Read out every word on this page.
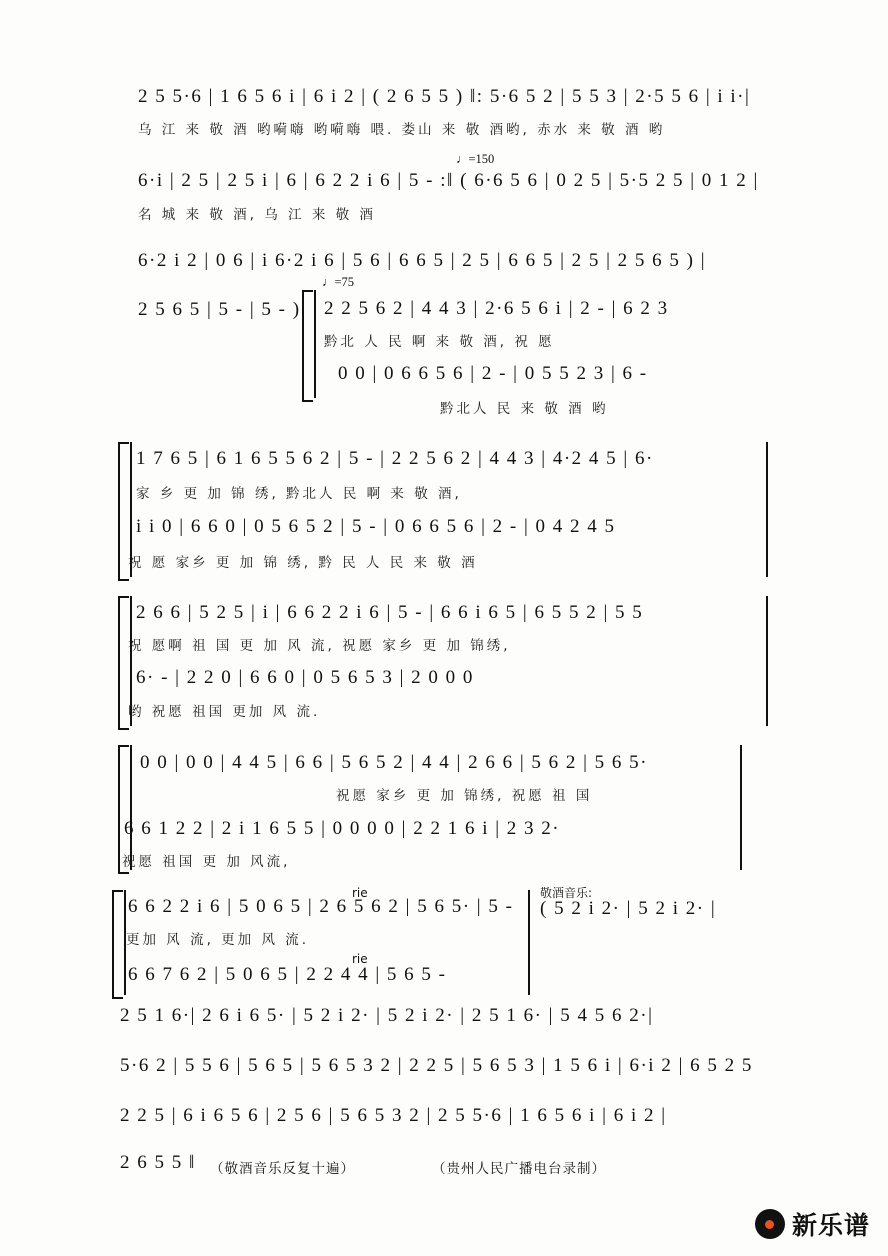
2 5 5·6 | 1 6 5 6 i | 6 i 2 | ( 2 6 5 5 ) ‖: 5·6 5 2 | 5 5 3 | 2·5 5 6 | i i·|
乌 江 来 敬 酒 哟嗬嗨 哟嗬嗨 喂. 娄山 来 敬 酒哟, 赤水 来 敬 酒 哟
♩=150
6·i | 2 5 | 2 5 i | 6 | 6 2 2 i 6 | 5 - :‖ ( 6·6 5 6 | 0 2 5 | 5·5 2 5 | 0 1 2 |
名 城 来 敬 酒, 乌 江 来 敬 酒
6·2 i 2 | 0 6 | i 6·2 i 6 | 5 6 | 6 6 5 | 2 5 | 6 6 5 | 2 5 | 2 5 6 5 ) |
2 5 6 5 | 5 - | 5 - )
♩=75
2 2 5 6 2 | 4 4 3 | 2·6 5 6 i | 2 - | 6 2 3
黔北 人 民 啊 来 敬 酒, 祝 愿
0 0 | 0 6 6 5 6 | 2 - | 0 5 5 2 3 | 6 -
黔北人 民 来 敬 酒 哟
1 7 6 5 | 6 1 6 5 5 6 2 | 5 - | 2 2 5 6 2 | 4 4 3 | 4·2 4 5 | 6·
家 乡 更 加 锦 绣, 黔北人 民 啊 来 敬 酒,
i i 0 | 6 6 0 | 0 5 6 5 2 | 5 - | 0 6 6 5 6 | 2 - | 0 4 2 4 5
祝 愿 家乡 更 加 锦 绣, 黔 民 人 民 来 敬 酒
2 6 6 | 5 2 5 | i | 6 6 2 2 i 6 | 5 - | 6 6 i 6 5 | 6 5 5 2 | 5 5
祝 愿啊 祖 国 更 加 风 流, 祝愿 家乡 更 加 锦绣,
6· - | 2 2 0 | 6 6 0 | 0 5 6 5 3 | 2 0 0 0
哟 祝愿 祖国 更加 风 流.
0 0 | 0 0 | 4 4 5 | 6 6 | 5 6 5 2 | 4 4 | 2 6 6 | 5 6 2 | 5 6 5·
祝愿 家乡 更 加 锦绣, 祝愿 祖 国
6 6 1 2 2 | 2 i 1 6 5 5 | 0 0 0 0 | 2 2 1 6 i | 2 3 2·
祝愿 祖国 更 加 风流,
6 6 2 2 i 6 | 5 0 6 5 | 2 6 5 6 2 | 5 6 5· | 5 -
rie
更加 风 流, 更加 风 流.
rie
6 6 7 6 2 | 5 0 6 5 | 2 2 4 4 | 5 6 5 -
敬酒音乐:
( 5 2 i 2· | 5 2 i 2· |
2 5 1 6·| 2 6 i 6 5· | 5 2 i 2· | 5 2 i 2· | 2 5 1 6· | 5 4 5 6 2·|
5·6 2 | 5 5 6 | 5 6 5 | 5 6 5 3 2 | 2 2 5 | 5 6 5 3 | 1 5 6 i | 6·i 2 | 6 5 2 5
2 2 5 | 6 i 6 5 6 | 2 5 6 | 5 6 5 3 2 | 2 5 5·6 | 1 6 5 6 i | 6 i 2 |
2 6 5 5 ‖ （敬酒音乐反复十遍）	（贵州人民广播电台录制）
新乐谱
